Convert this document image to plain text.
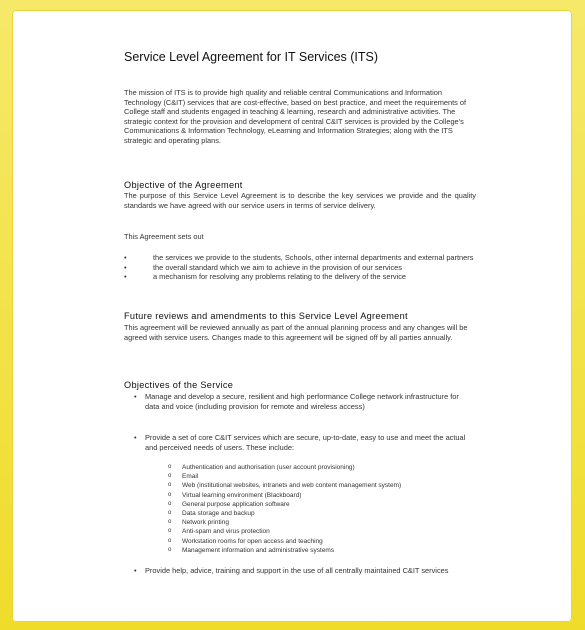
Service Level Agreement for IT Services (ITS)

The mission of ITS is to provide high quality and reliable central Communications and Information Technology (C&IT) services that are cost-effective, based on best practice, and meet the requirements of College staff and students engaged in teaching & learning, research and administrative activities. The strategic context for the provision and development of central C&IT services is provided by the College's Communications & Information Technology, eLearning and Information Strategies; along with the ITS strategic and operating plans.

Objective of the Agreement

The purpose of this Service Level Agreement is to describe the key services we provide and the quality standards we have agreed with our service users in terms of service delivery.

This Agreement sets out

• the services we provide to the students, Schools, other internal departments and external partners
• the overall standard which we aim to achieve in the provision of our services
• a mechanism for resolving any problems relating to the delivery of the service
Future reviews and amendments to this Service Level Agreement

This agreement will be reviewed annually as part of the annual planning process and any changes will be agreed with service users. Changes made to this agreement will be signed off by all parties annually.

Objectives of the Service
• Manage and develop a secure, resilient and high performance College network infrastructure for data and voice (including provision for remote and wireless access)
• Provide a set of core C&IT services which are secure, up-to-date, easy to use and meet the actual and perceived needs of users. These include:
o Authentication and authorisation (user account provisioning)
o Email
o Web (institutional websites, intranets and web content management system)
o Virtual learning environment (Blackboard)
o General purpose application software
o Data storage and backup
o Network printing
o Anti-spam and virus protection
o Workstation rooms for open access and teaching
o Management information and administrative systems
• Provide help, advice, training and support in the use of all centrally maintained C&IT services
